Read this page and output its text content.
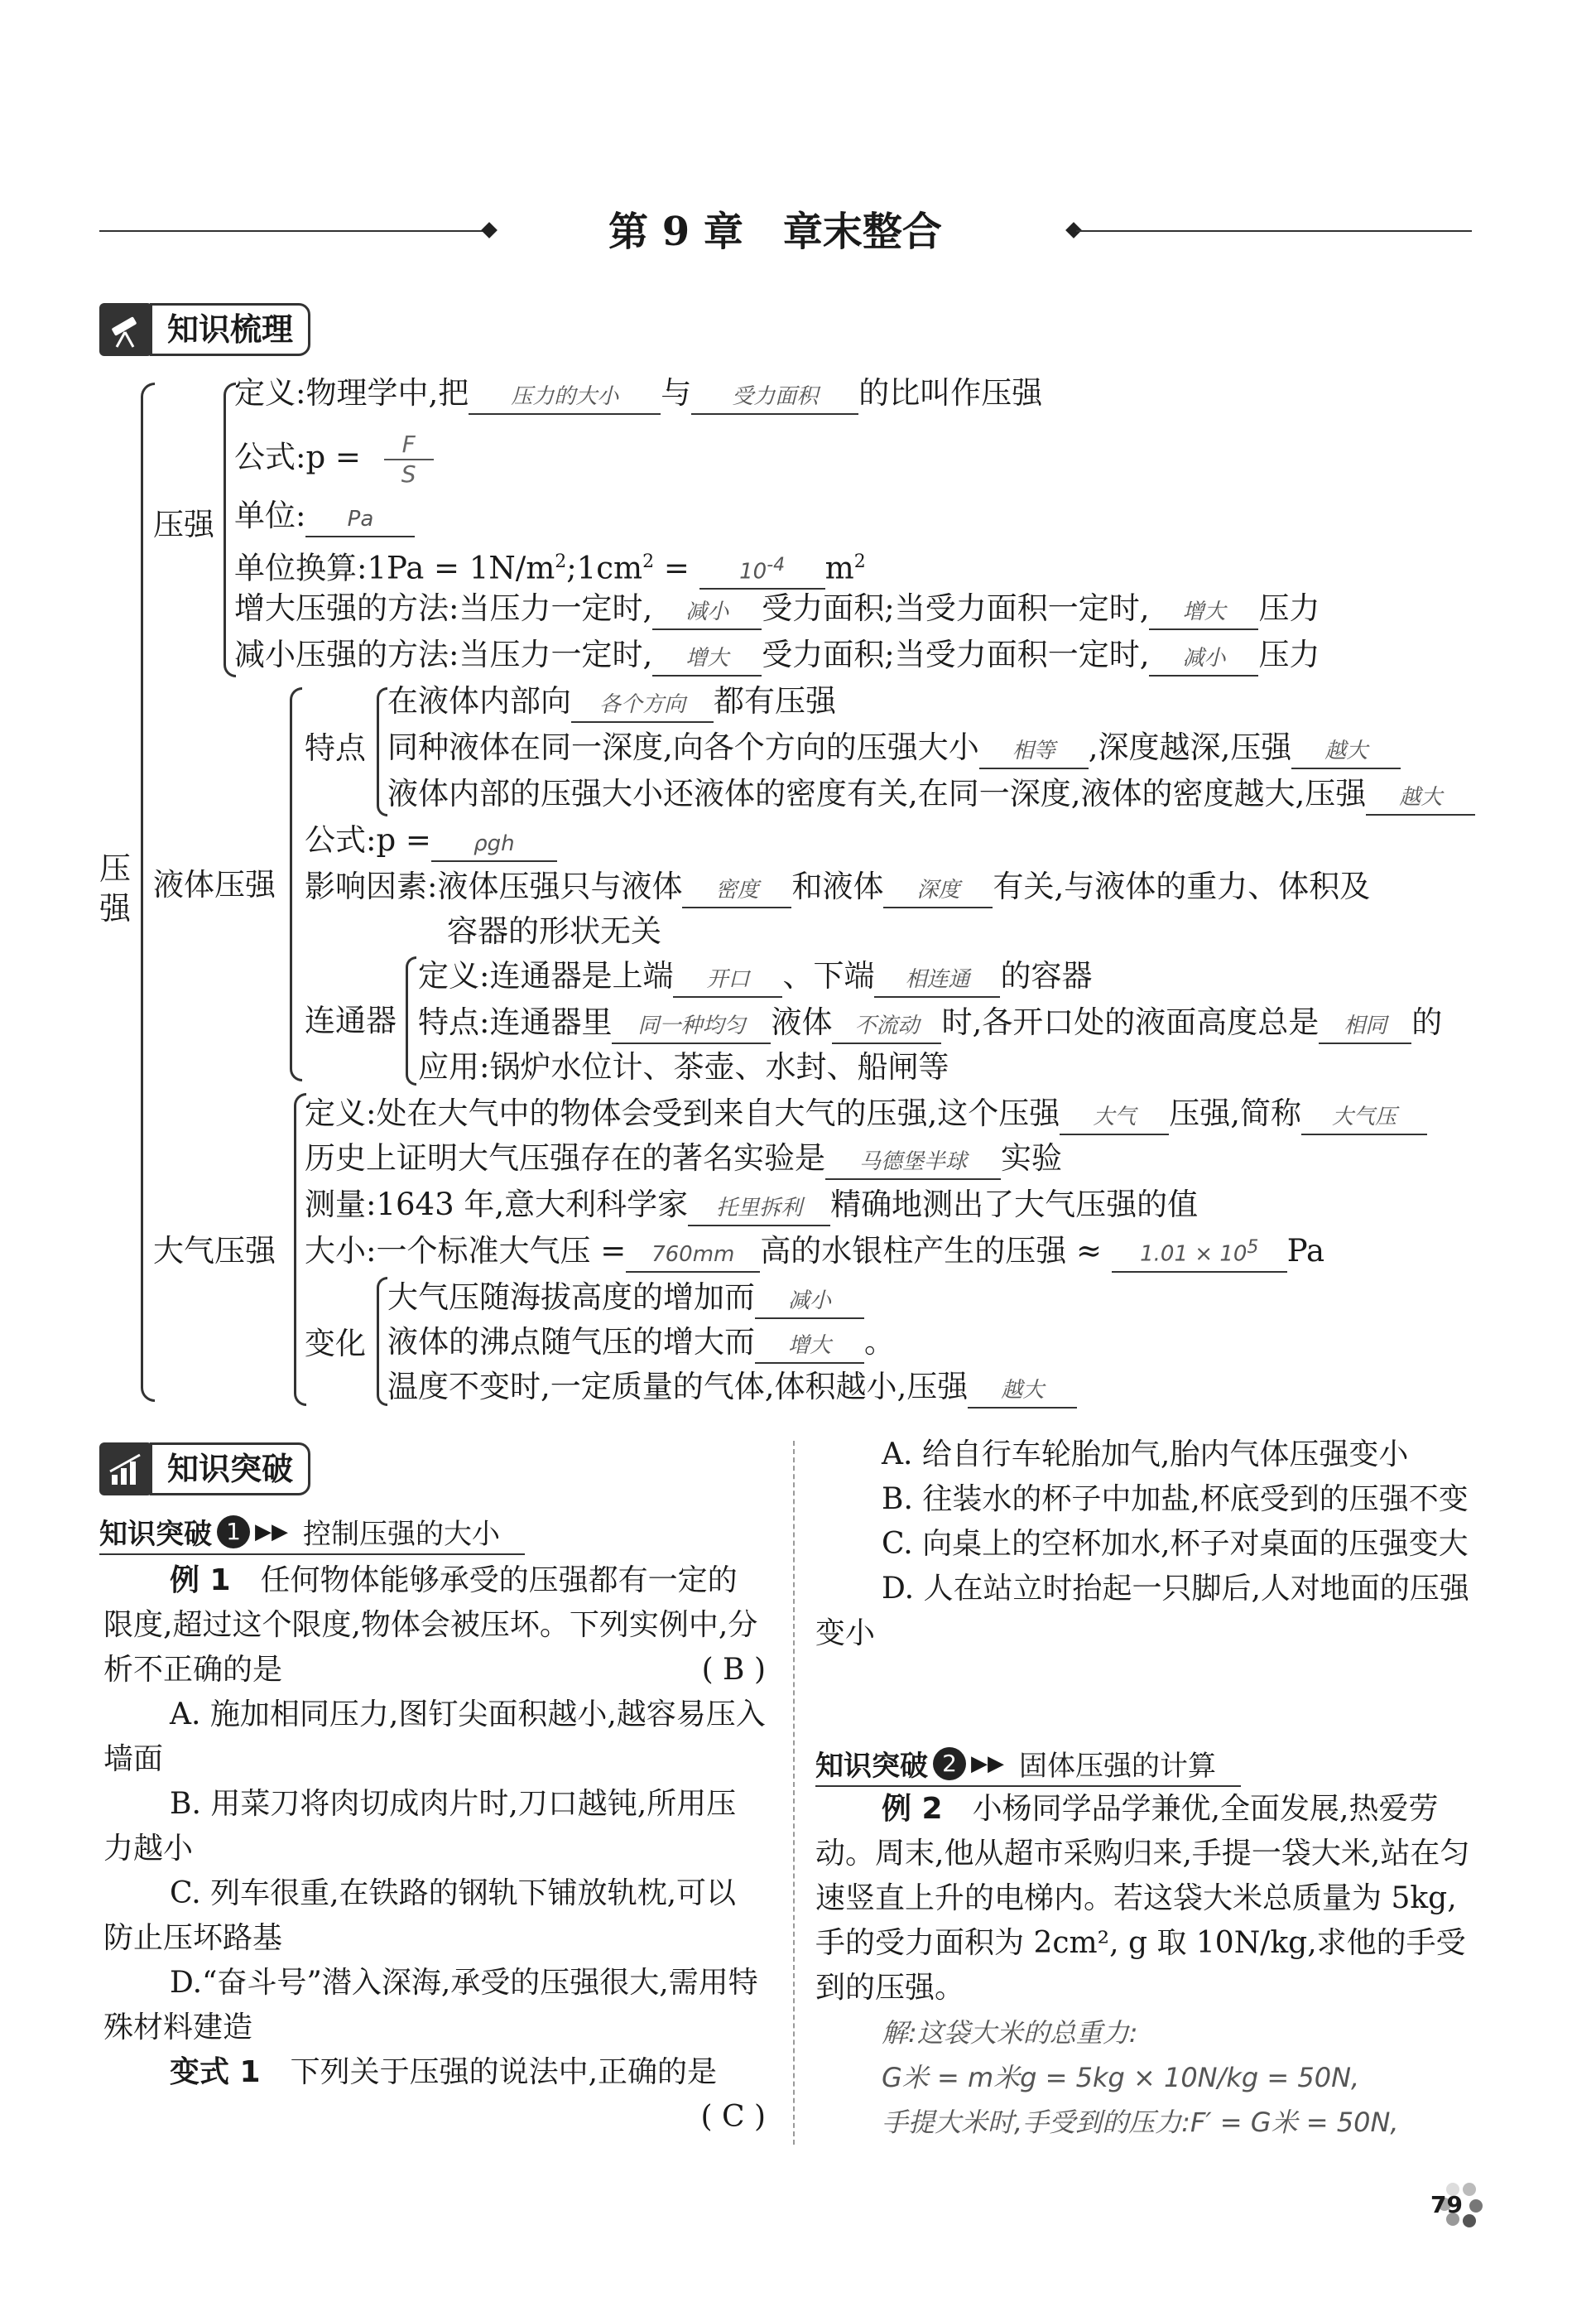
第 9 章　章末整合
知识梳理
压强
压强
液体压强
特点
连通器
大气压强
变化
定义:物理学中,把 压力的大小 与 受力面积 的比叫作压强
公式:p = $\frac{F}{S}$
单位: Pa
单位换算:1Pa = $1N/m^2;1cm^2 = 10^{-4}$ $m^2$
增大压强的方法:当压力一定时, 减小 受力面积;当受力面积一定时, 增大 压力
减小压强的方法:当压力一定时, 增大 受力面积;当受力面积一定时, 减小 压力
在液体内部向 各个方向 都有压强
同种液体在同一深度,向各个方向的压强大小 相等 ,深度越深,压强 越大
液体内部的压强大小还液体的密度有关,在同一深度,液体的密度越大,压强 越大
公式:p = ρgh
影响因素:液体压强只与液体 密度 和液体 深度 有关,与液体的重力、体积及
容器的形状无关
定义:连通器是上端 开口 、下端 相连通 的容器
特点:连通器里 同一种均匀 液体 不流动 时,各开口处的液面高度总是 相同 的
应用:锅炉水位计、茶壶、水封、船闸等
定义:处在大气中的物体会受到来自大气的压强,这个压强 大气 压强,简称 大气压
历史上证明大气压强存在的著名实验是 马德堡半球 实验
测量:1643 年,意大利科学家 托里拆利 精确地测出了大气压强的值
大小:一个标准大气压 = 760mm 高的水银柱产生的压强 ≈ $1.01 \times 10^5$ Pa
大气压随海拔高度的增加而 减小
液体的沸点随气压的增大而 增大 。
温度不变时,一定质量的气体,体积越小,压强 越大
知识突破
知识突破 1 ▶▶ 控制压强的大小
例 1　 任何物体能够承受的压强都有一定的限度,超过这个限度,物体会被压坏。下列实例中,分析不正确的是	( B )
A. 施加相同压力,图钉尖面积越小,越容易压入墙面
B. 用菜刀将肉切成肉片时,刀口越钝,所用压力越小
C. 列车很重,在铁路的钢轨下铺放轨枕,可以防止压坏路基
D.“奋斗号”潜入深海,承受的压强很大,需用特殊材料建造
变式 1　 下列关于压强的说法中,正确的是
( C )
A. 给自行车轮胎加气,胎内气体压强变小
B. 往装水的杯子中加盐,杯底受到的压强不变
C. 向桌上的空杯加水,杯子对桌面的压强变大
D. 人在站立时抬起一只脚后,人对地面的压强变小
知识突破 2 ▶▶ 固体压强的计算
例 2　 小杨同学品学兼优,全面发展,热爱劳动。周末,他从超市采购归来,手提一袋大米,站在匀速竖直上升的电梯内。若这袋大米总质量为 5kg,手的受力面积为 2cm², g 取 10N/kg,求他的手受到的压强。
解:这袋大米的总重力:
G米 = m米g = 5kg × 10N/kg = 50N,
手提大米时,手受到的压力:F′ = G米 = 50N,
79
